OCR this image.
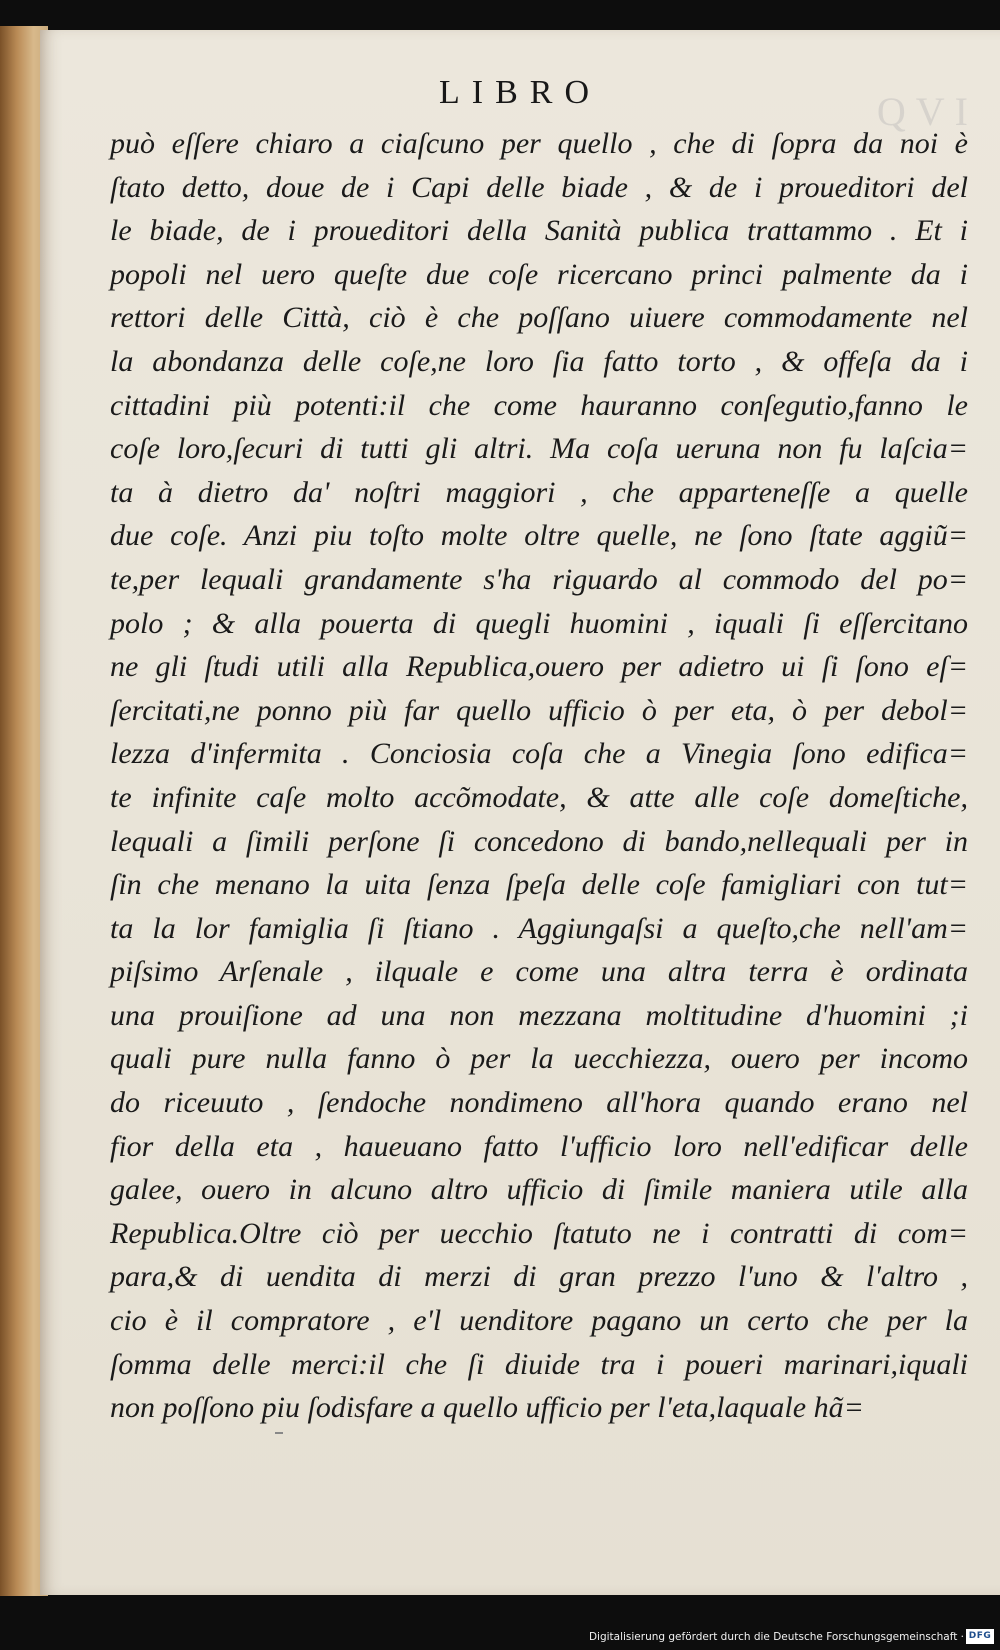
QVI
LIBRO
può eſſere chiaro a ciaſcuno per quello , che di ſopra da noi è
ſtato detto, doue de i Capi delle biade , & de i proueditori del
le biade, de i proueditori della Sanità publica trattammo . Et i
popoli nel uero queſte due coſe ricercano princi palmente da i
rettori delle Città, ciò è che poſſano uiuere commodamente nel
la abondanza delle coſe,ne loro ſia fatto torto , & offeſa da i
cittadini più potenti:il che come hauranno conſegutio,fanno le
coſe loro,ſecuri di tutti gli altri. Ma coſa ueruna non fu laſcia=
ta à dietro da' noſtri maggiori , che apparteneſſe a quelle
due coſe. Anzi piu toſto molte oltre quelle, ne ſono ſtate aggiũ=
te,per lequali grandamente s'ha riguardo al commodo del po=
polo ; & alla pouerta di quegli huomini , iquali ſi eſſercitano
ne gli ſtudi utili alla Republica,ouero per adietro ui ſi ſono eſ=
ſercitati,ne ponno più far quello ufficio ò per eta, ò per debol=
lezza d'infermita . Conciosia coſa che a Vinegia ſono edifica=
te infinite caſe molto accõmodate, & atte alle coſe domeſtiche,
lequali a ſimili perſone ſi concedono di bando,nellequali per in
ſin che menano la uita ſenza ſpeſa delle coſe famigliari con tut=
ta la lor famiglia ſi ſtiano . Aggiungaſsi a queſto,che nell'am=
piſsimo Arſenale , ilquale e come una altra terra è ordinata
una prouiſione ad una non mezzana moltitudine d'huomini ;i
quali pure nulla fanno ò per la uecchiezza, ouero per incomo
do riceuuto , ſendoche nondimeno all'hora quando erano nel
fior della eta , haueuano fatto l'ufficio loro nell'edificar delle
galee, ouero in alcuno altro ufficio di ſimile maniera utile alla
Republica.Oltre ciò per uecchio ſtatuto ne i contratti di com=
para,& di uendita di merzi di gran prezzo l'uno & l'altro ,
cio è il compratore , e'l uenditore pagano un certo che per la
ſomma delle merci:il che ſi diuide tra i poueri marinari,iquali
non poſſono piu ſodisfare a quello ufficio per l'eta,laquale hã=
Digitalisierung gefördert durch die Deutsche Forschungsgemeinschaft · DFG
